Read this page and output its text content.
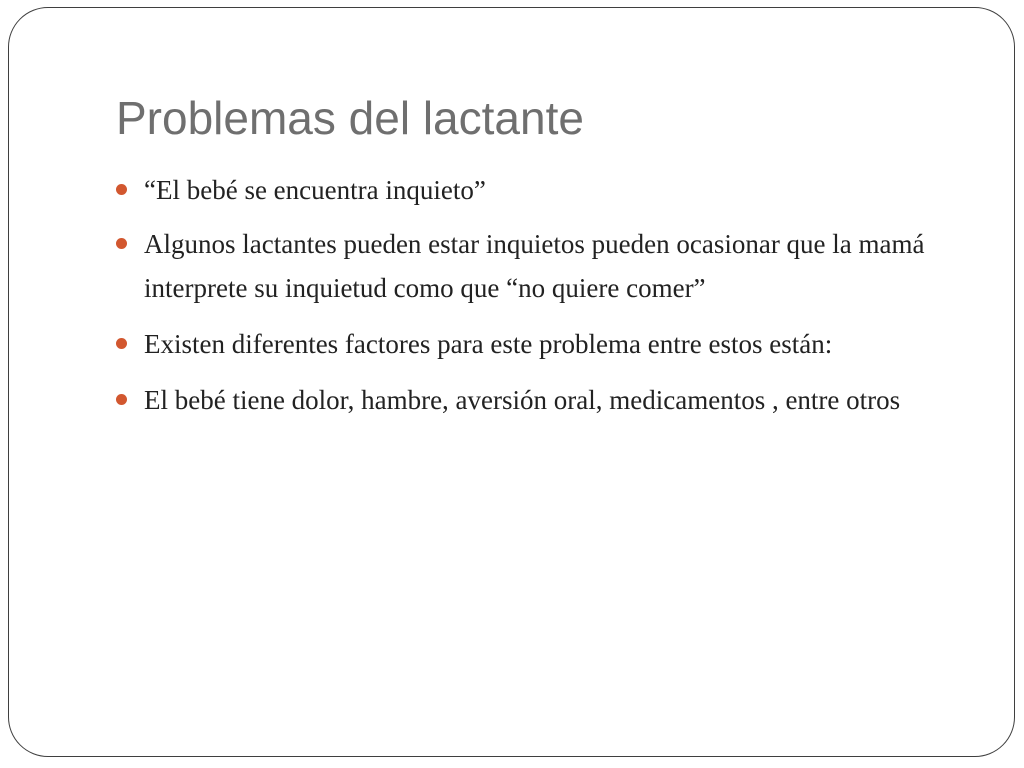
Problemas del lactante
“El bebé se encuentra inquieto”
Algunos lactantes pueden estar inquietos pueden ocasionar que la mamá interprete su inquietud como que “no quiere comer”
Existen diferentes factores para este problema entre estos están:
El bebé tiene dolor, hambre, aversión oral, medicamentos , entre otros
